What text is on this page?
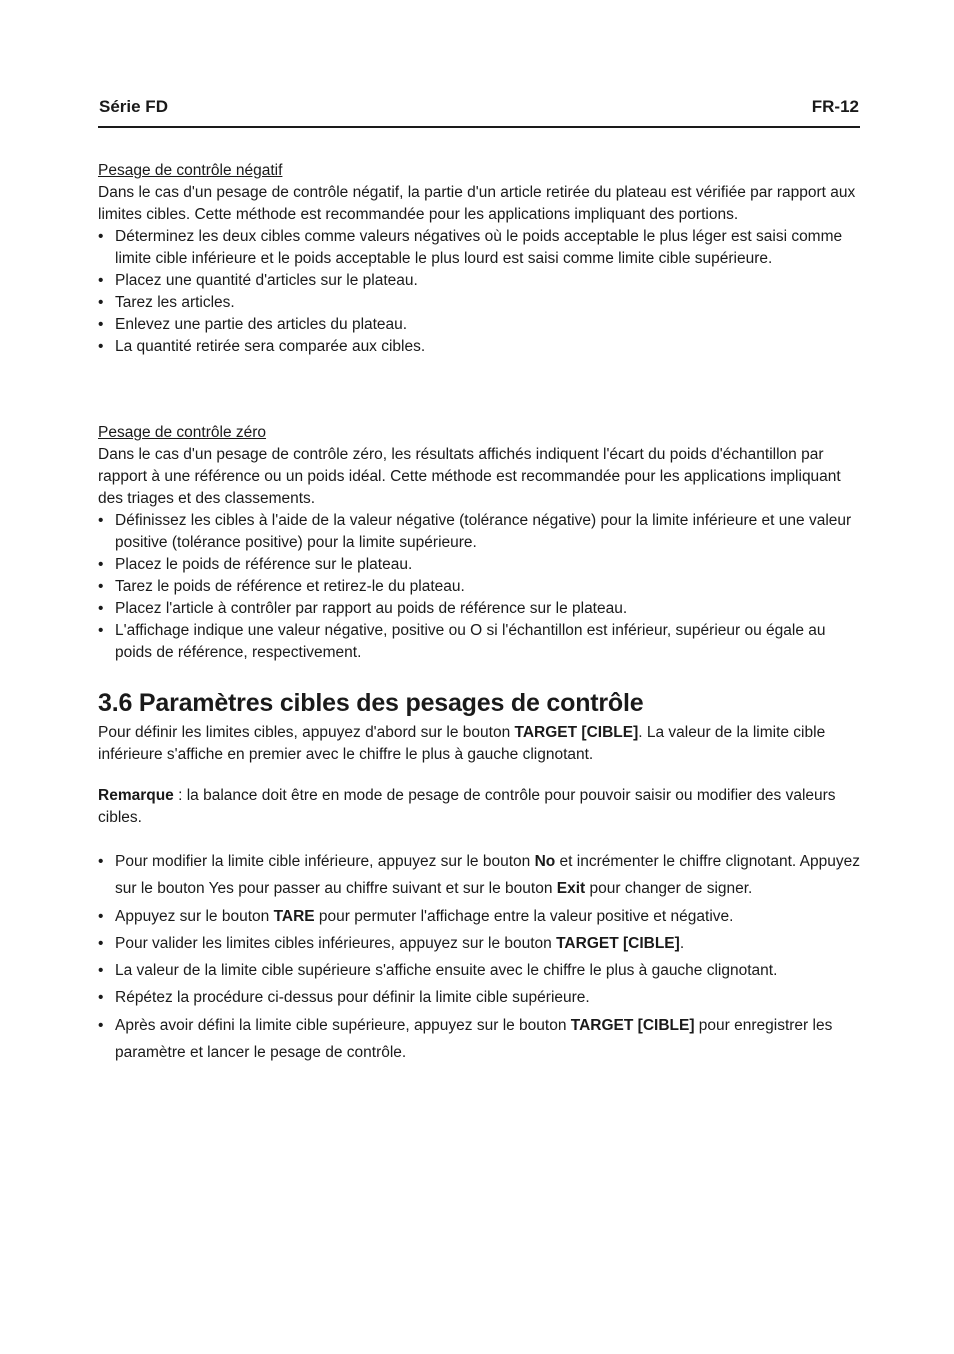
Série FD	FR-12
Pesage de contrôle négatif

Dans le cas d'un pesage de contrôle négatif, la partie d'un article retirée du plateau est vérifiée par rapport aux limites cibles. Cette méthode est recommandée pour les applications impliquant des portions.

• Déterminez les deux cibles comme valeurs négatives où le poids acceptable le plus léger est saisi comme limite cible inférieure et le poids acceptable le plus lourd est saisi comme limite cible supérieure.
• Placez une quantité d'articles sur le plateau.
• Tarez les articles.
• Enlevez une partie des articles du plateau.
• La quantité retirée sera comparée aux cibles.
Pesage de contrôle zéro

Dans le cas d'un pesage de contrôle zéro, les résultats affichés indiquent l'écart du poids d'échantillon par rapport à une référence ou un poids idéal. Cette méthode est recommandée pour les applications impliquant des triages et des classements.

• Définissez les cibles à l'aide de la valeur négative (tolérance négative) pour la limite inférieure et une valeur positive (tolérance positive) pour la limite supérieure.
• Placez le poids de référence sur le plateau.
• Tarez le poids de référence et retirez-le du plateau.
• Placez l'article à contrôler par rapport au poids de référence sur le plateau.
• L'affichage indique une valeur négative, positive ou O si l'échantillon est inférieur, supérieur ou égale au poids de référence, respectivement.
3.6 Paramètres cibles des pesages de contrôle

Pour définir les limites cibles, appuyez d'abord sur le bouton TARGET [CIBLE]. La valeur de la limite cible inférieure s'affiche en premier avec le chiffre le plus à gauche clignotant.

Remarque : la balance doit être en mode de pesage de contrôle pour pouvoir saisir ou modifier des valeurs cibles.

• Pour modifier la limite cible inférieure, appuyez sur le bouton No et incrémenter le chiffre clignotant. Appuyez sur le bouton Yes pour passer au chiffre suivant et sur le bouton Exit pour changer de signer.
• Appuyez sur le bouton TARE pour permuter l'affichage entre la valeur positive et négative.
• Pour valider les limites cibles inférieures, appuyez sur le bouton TARGET [CIBLE].
• La valeur de la limite cible supérieure s'affiche ensuite avec le chiffre le plus à gauche clignotant.
• Répétez la procédure ci-dessus pour définir la limite cible supérieure.
• Après avoir défini la limite cible supérieure, appuyez sur le bouton TARGET [CIBLE] pour enregistrer les paramètre et lancer le pesage de contrôle.
